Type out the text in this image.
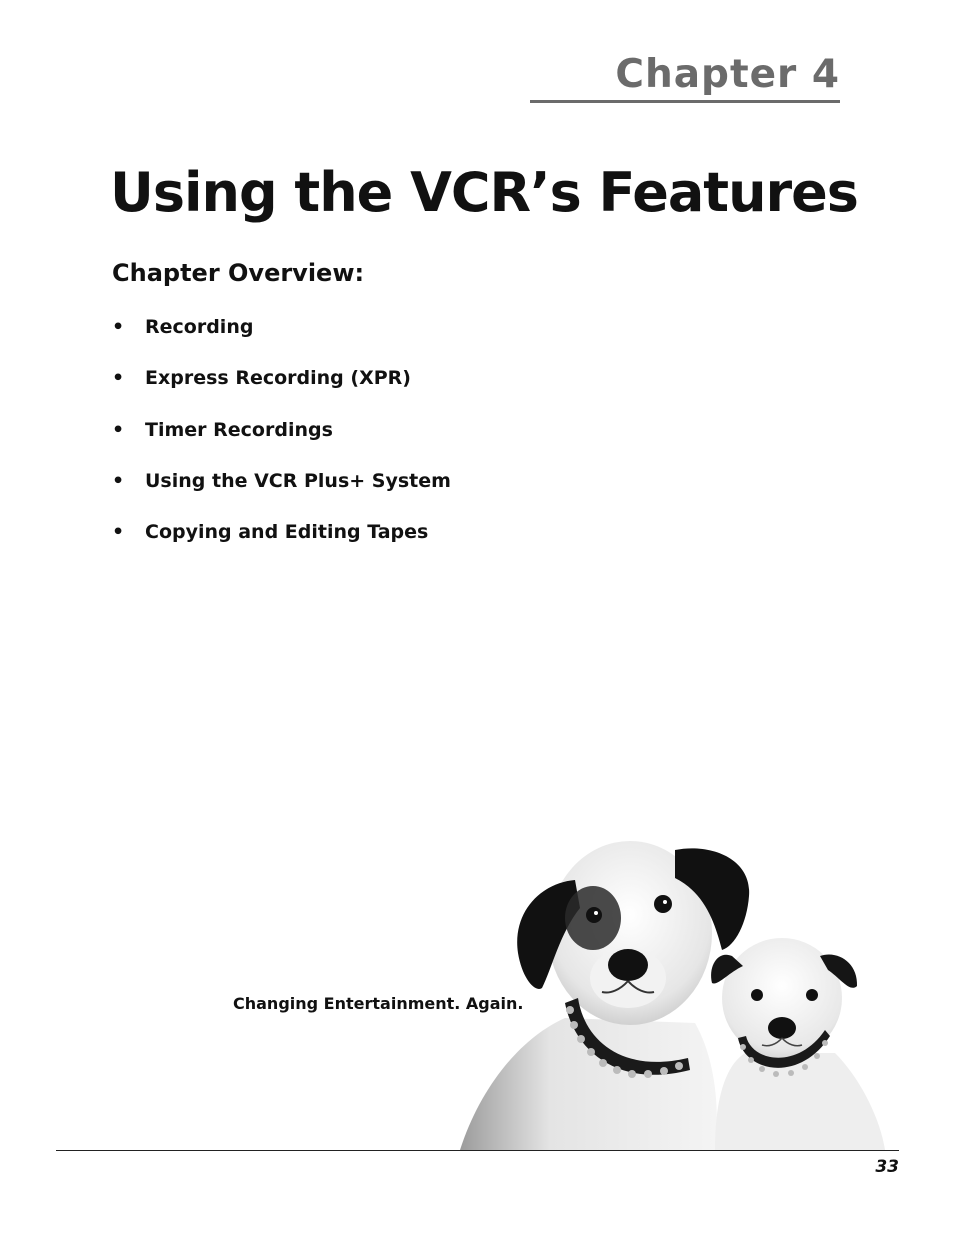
Chapter 4
Using the VCR’s Features
Chapter Overview:
• Recording
• Express Recording (XPR)
• Timer Recordings
• Using the VCR Plus+ System
• Copying and Editing Tapes

Changing Entertainment. Again.

33
